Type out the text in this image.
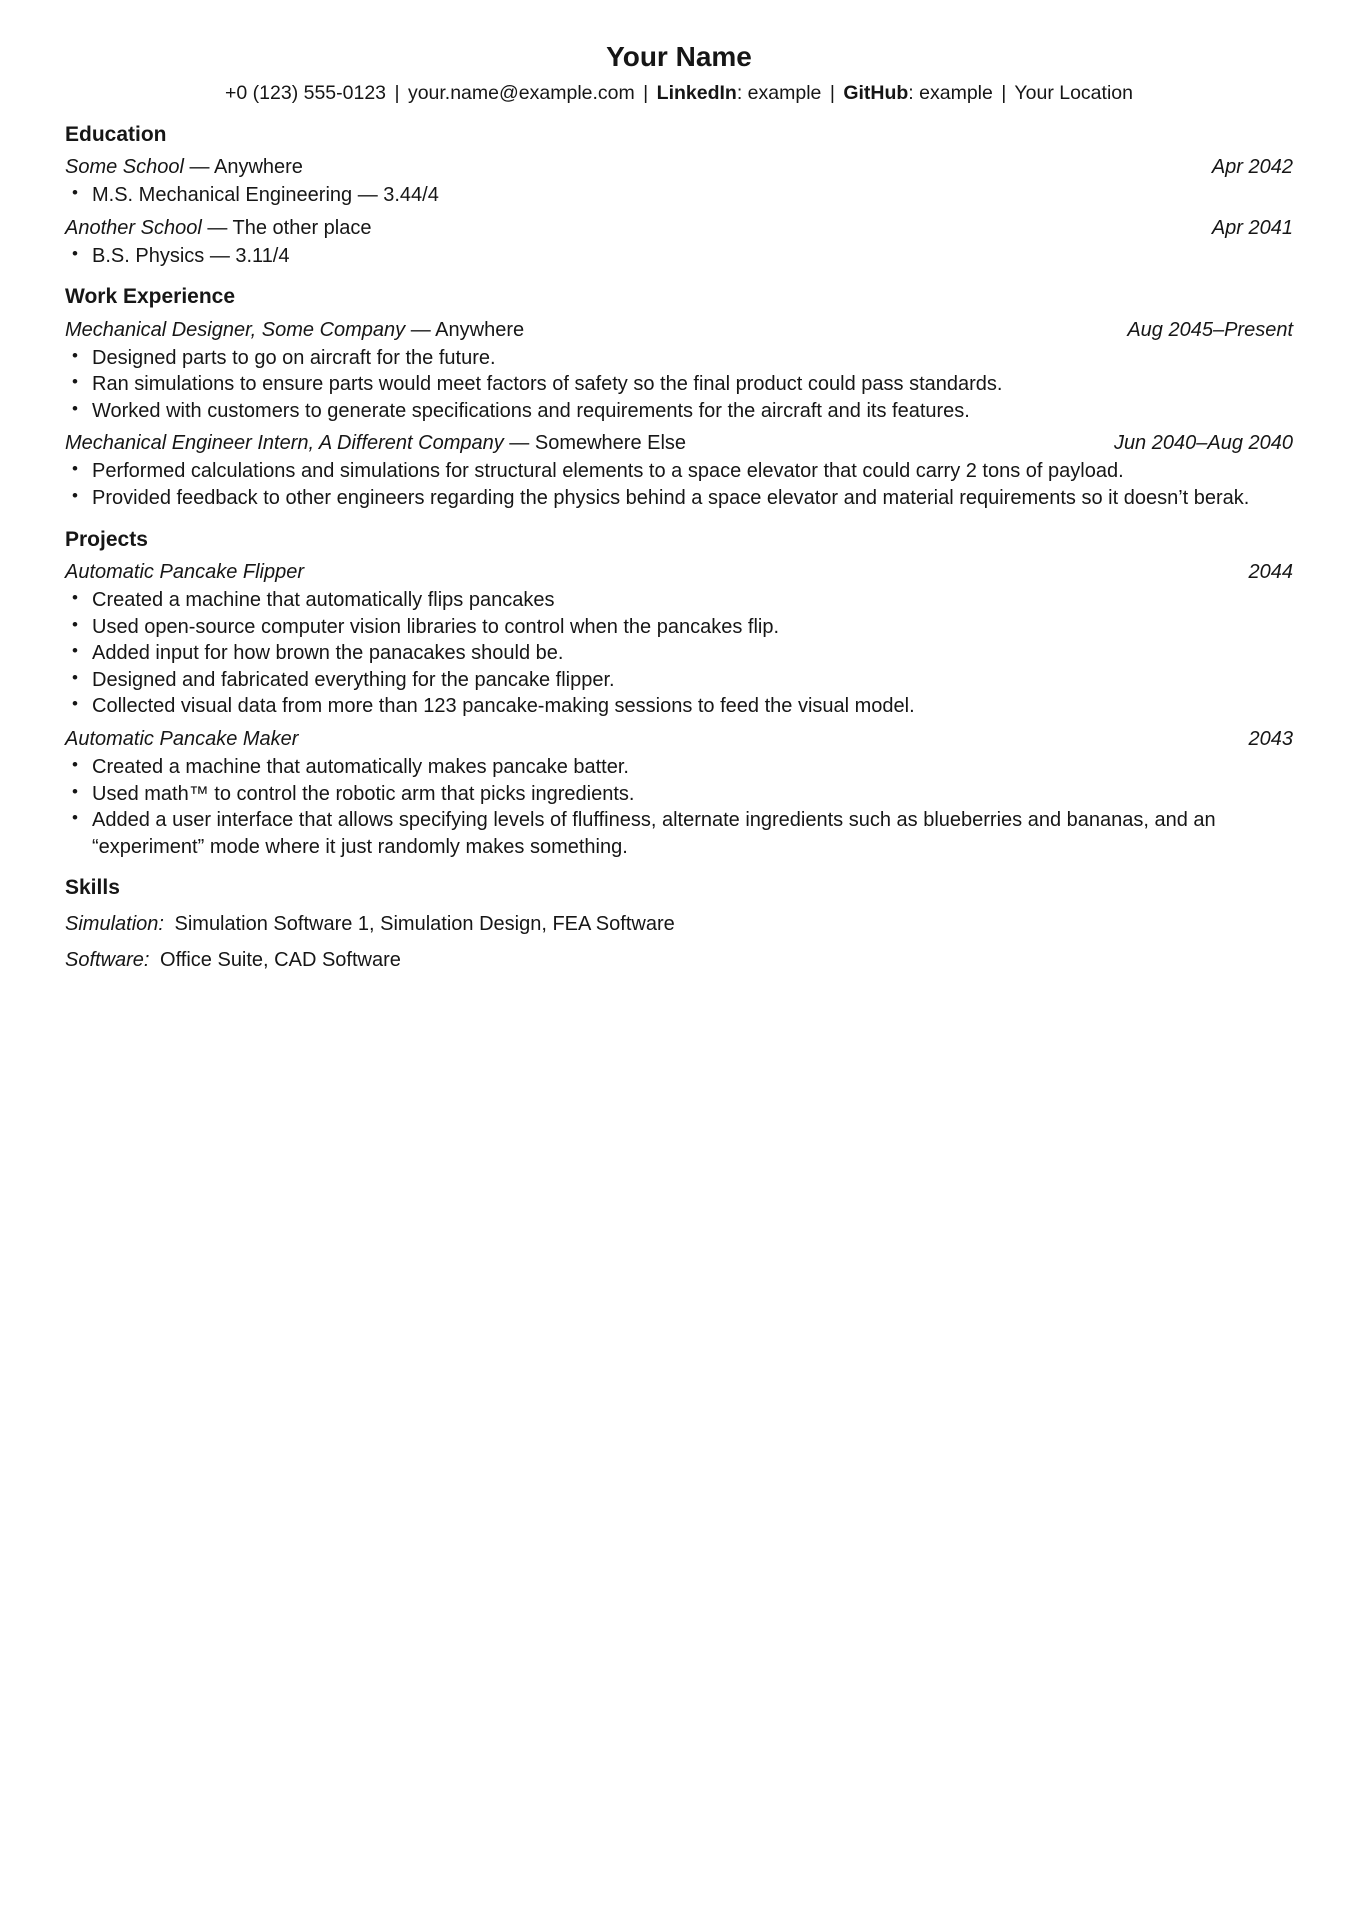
Your Name
+0 (123) 555-0123 | your.name@example.com | LinkedIn: example | GitHub: example | Your Location
Education
Some School — Anywhere	Apr 2042
• M.S. Mechanical Engineering — 3.44/4
Another School — The other place	Apr 2041
• B.S. Physics — 3.11/4
Work Experience
Mechanical Designer, Some Company — Anywhere	Aug 2045–Present
• Designed parts to go on aircraft for the future.
• Ran simulations to ensure parts would meet factors of safety so the final product could pass standards.
• Worked with customers to generate specifications and requirements for the aircraft and its features.
Mechanical Engineer Intern, A Different Company — Somewhere Else	Jun 2040–Aug 2040
• Performed calculations and simulations for structural elements to a space elevator that could carry 2 tons of payload.
• Provided feedback to other engineers regarding the physics behind a space elevator and material requirements so it doesn’t berak.
Projects
Automatic Pancake Flipper	2044
• Created a machine that automatically flips pancakes
• Used open-source computer vision libraries to control when the pancakes flip.
• Added input for how brown the panacakes should be.
• Designed and fabricated everything for the pancake flipper.
• Collected visual data from more than 123 pancake-making sessions to feed the visual model.
Automatic Pancake Maker	2043
• Created a machine that automatically makes pancake batter.
• Used math™ to control the robotic arm that picks ingredients.
• Added a user interface that allows specifying levels of fluffiness, alternate ingredients such as blueberries and bananas, and an “experiment” mode where it just randomly makes something.
Skills
Simulation: Simulation Software 1, Simulation Design, FEA Software
Software: Office Suite, CAD Software
